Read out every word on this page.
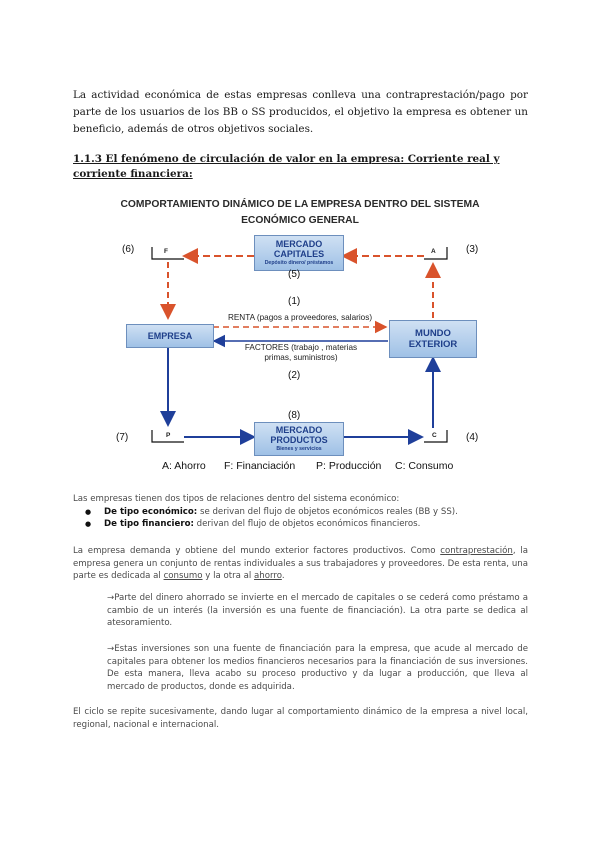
La actividad económica de estas empresas conlleva una contraprestación/pago por parte de los usuarios de los BB o SS producidos, el objetivo la empresa es obtener un beneficio, además de otros objetivos sociales.
1.1.3 El fenómeno de circulación de valor en la empresa: Corriente real y corriente financiera:
COMPORTAMIENTO DINÁMICO DE LA EMPRESA DENTRO DEL SISTEMA
ECONÓMICO GENERAL
MERCADO
CAPITALES
Depósito dinero/ préstamos
EMPRESA	MUNDO
EXTERIOR
MERCADO
PRODUCTOS
Bienes y servicios
F	A
P	C
(6)	(3)
(5)
(1)
(2)
(8)
(7)	(4)
RENTA (pagos a proveedores, salarios)
FACTORES (trabajo , materias
primas, suministros)
A: Ahorro F: Financiación P: Producción C: Consumo
Las empresas tienen dos tipos de relaciones dentro del sistema económico:
● De tipo económico: se derivan del flujo de objetos económicos reales (BB y SS).
● De tipo financiero: derivan del flujo de objetos económicos financieros.
La empresa demanda y obtiene del mundo exterior factores productivos. Como contraprestación, la empresa genera un conjunto de rentas individuales a sus trabajadores y proveedores. De esta renta, una parte es dedicada al consumo y la otra al ahorro.
→Parte del dinero ahorrado se invierte en el mercado de capitales o se cederá como préstamo a cambio de un interés (la inversión es una fuente de financiación). La otra parte se dedica al atesoramiento.
→Estas inversiones son una fuente de financiación para la empresa, que acude al mercado de capitales para obtener los medios financieros necesarios para la financiación de sus inversiones. De esta manera, lleva acabo su proceso productivo y da lugar a producción, que lleva al mercado de productos, donde es adquirida.
El ciclo se repite sucesivamente, dando lugar al comportamiento dinámico de la empresa a nivel local, regional, nacional e internacional.
